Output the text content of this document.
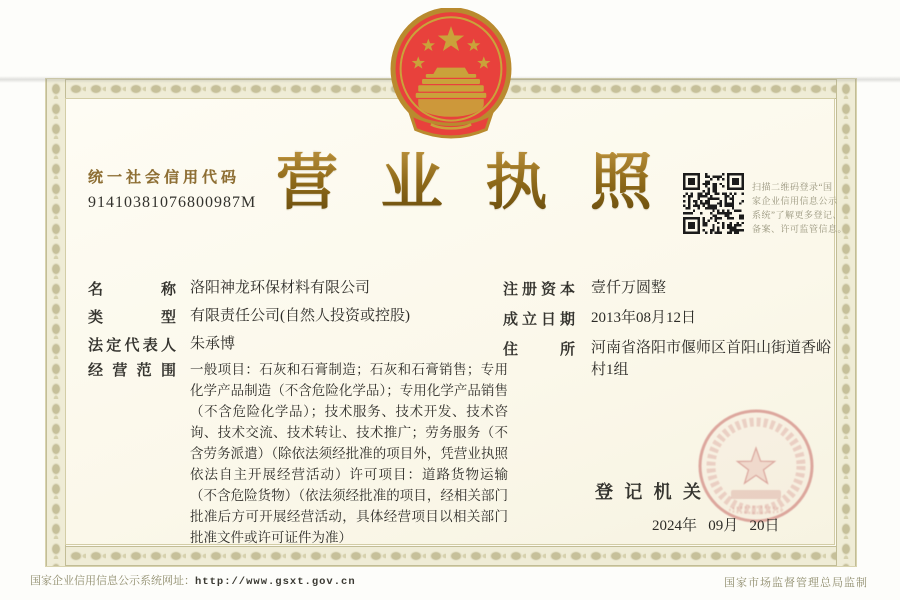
统一社会信用代码
91410381076800987M 营 业 执 照	扫描二维码登录“国
家企业信用信息公示
系统”了解更多登记、
备案、许可监管信息。
名	称 洛阳神龙环保材料有限公司
类	型 有限责任公司(自然人投资或控股)
法 定 代 表 人 朱承博
经 营 范 围 一般项目：石灰和石膏制造；石灰和石膏销售；专用化学产品制造（不含危险化学品）；专用化学产品销售（不含危险化学品）；技术服务、技术开发、技术咨询、技术交流、技术转让、技术推广；劳务服务（不含劳务派遣）（除依法须经批准的项目外，凭营业执照依法自主开展经营活动）许可项目：道路货物运输（不含危险货物）（依法须经批准的项目，经相关部门批准后方可开展经营活动，具体经营项目以相关部门批准文件或许可证件为准）
注 册 资 本 壹仟万圆整
成 立 日 期 2013年08月12日
住	所 河南省洛阳市偃师区首阳山街道香峪村1组
登 记 机 关
2024年   09月   20日
国家企业信用信息公示系统网址：http://www.gsxt.gov.cn	国家市场监督管理总局监制
